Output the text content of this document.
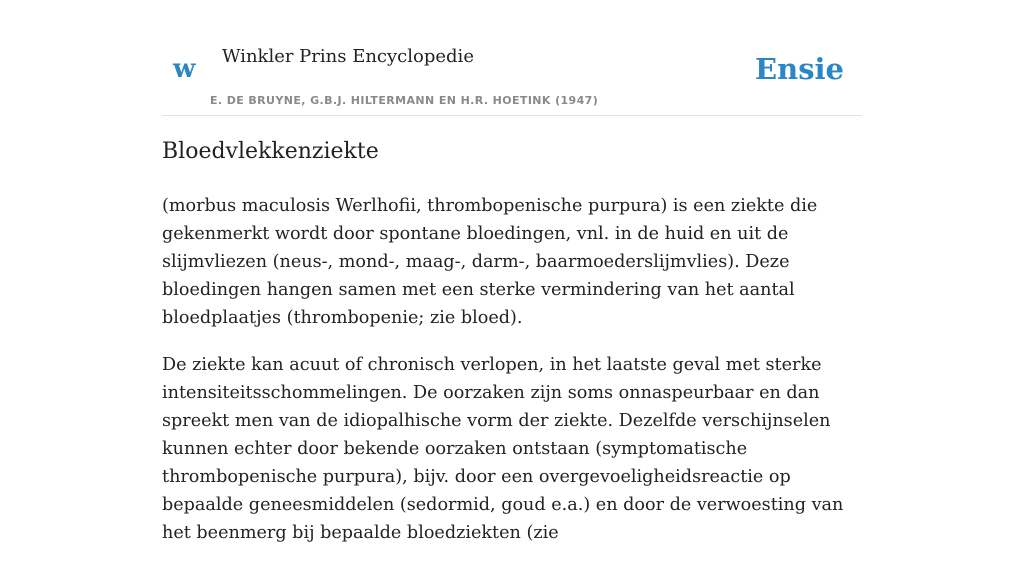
w Winkler Prins Encyclopedie
E. DE BRUYNE, G.B.J. HILTERMANN EN H.R. HOETINK (1947)
Ensie
Bloedvlekkenziekte

(morbus maculosis Werlhofii, thrombopenische purpura) is een ziekte die gekenmerkt wordt door spontane bloedingen, vnl. in de huid en uit de slijmvliezen (neus-, mond-, maag-, darm-, baarmoederslijmvlies). Deze bloedingen hangen samen met een sterke vermindering van het aantal bloedplaatjes (thrombopenie; zie bloed).

De ziekte kan acuut of chronisch verlopen, in het laatste geval met sterke intensiteitsschommelingen. De oorzaken zijn soms onnaspeurbaar en dan spreekt men van de idiopalhische vorm der ziekte. Dezelfde verschijnselen kunnen echter door bekende oorzaken ontstaan (symptomatische thrombopenische purpura), bijv. door een overgevoeligheidsreactie op bepaalde geneesmiddelen (sedormid, goud e.a.) en door de verwoesting van het beenmerg bij bepaalde bloedziekten (zie
